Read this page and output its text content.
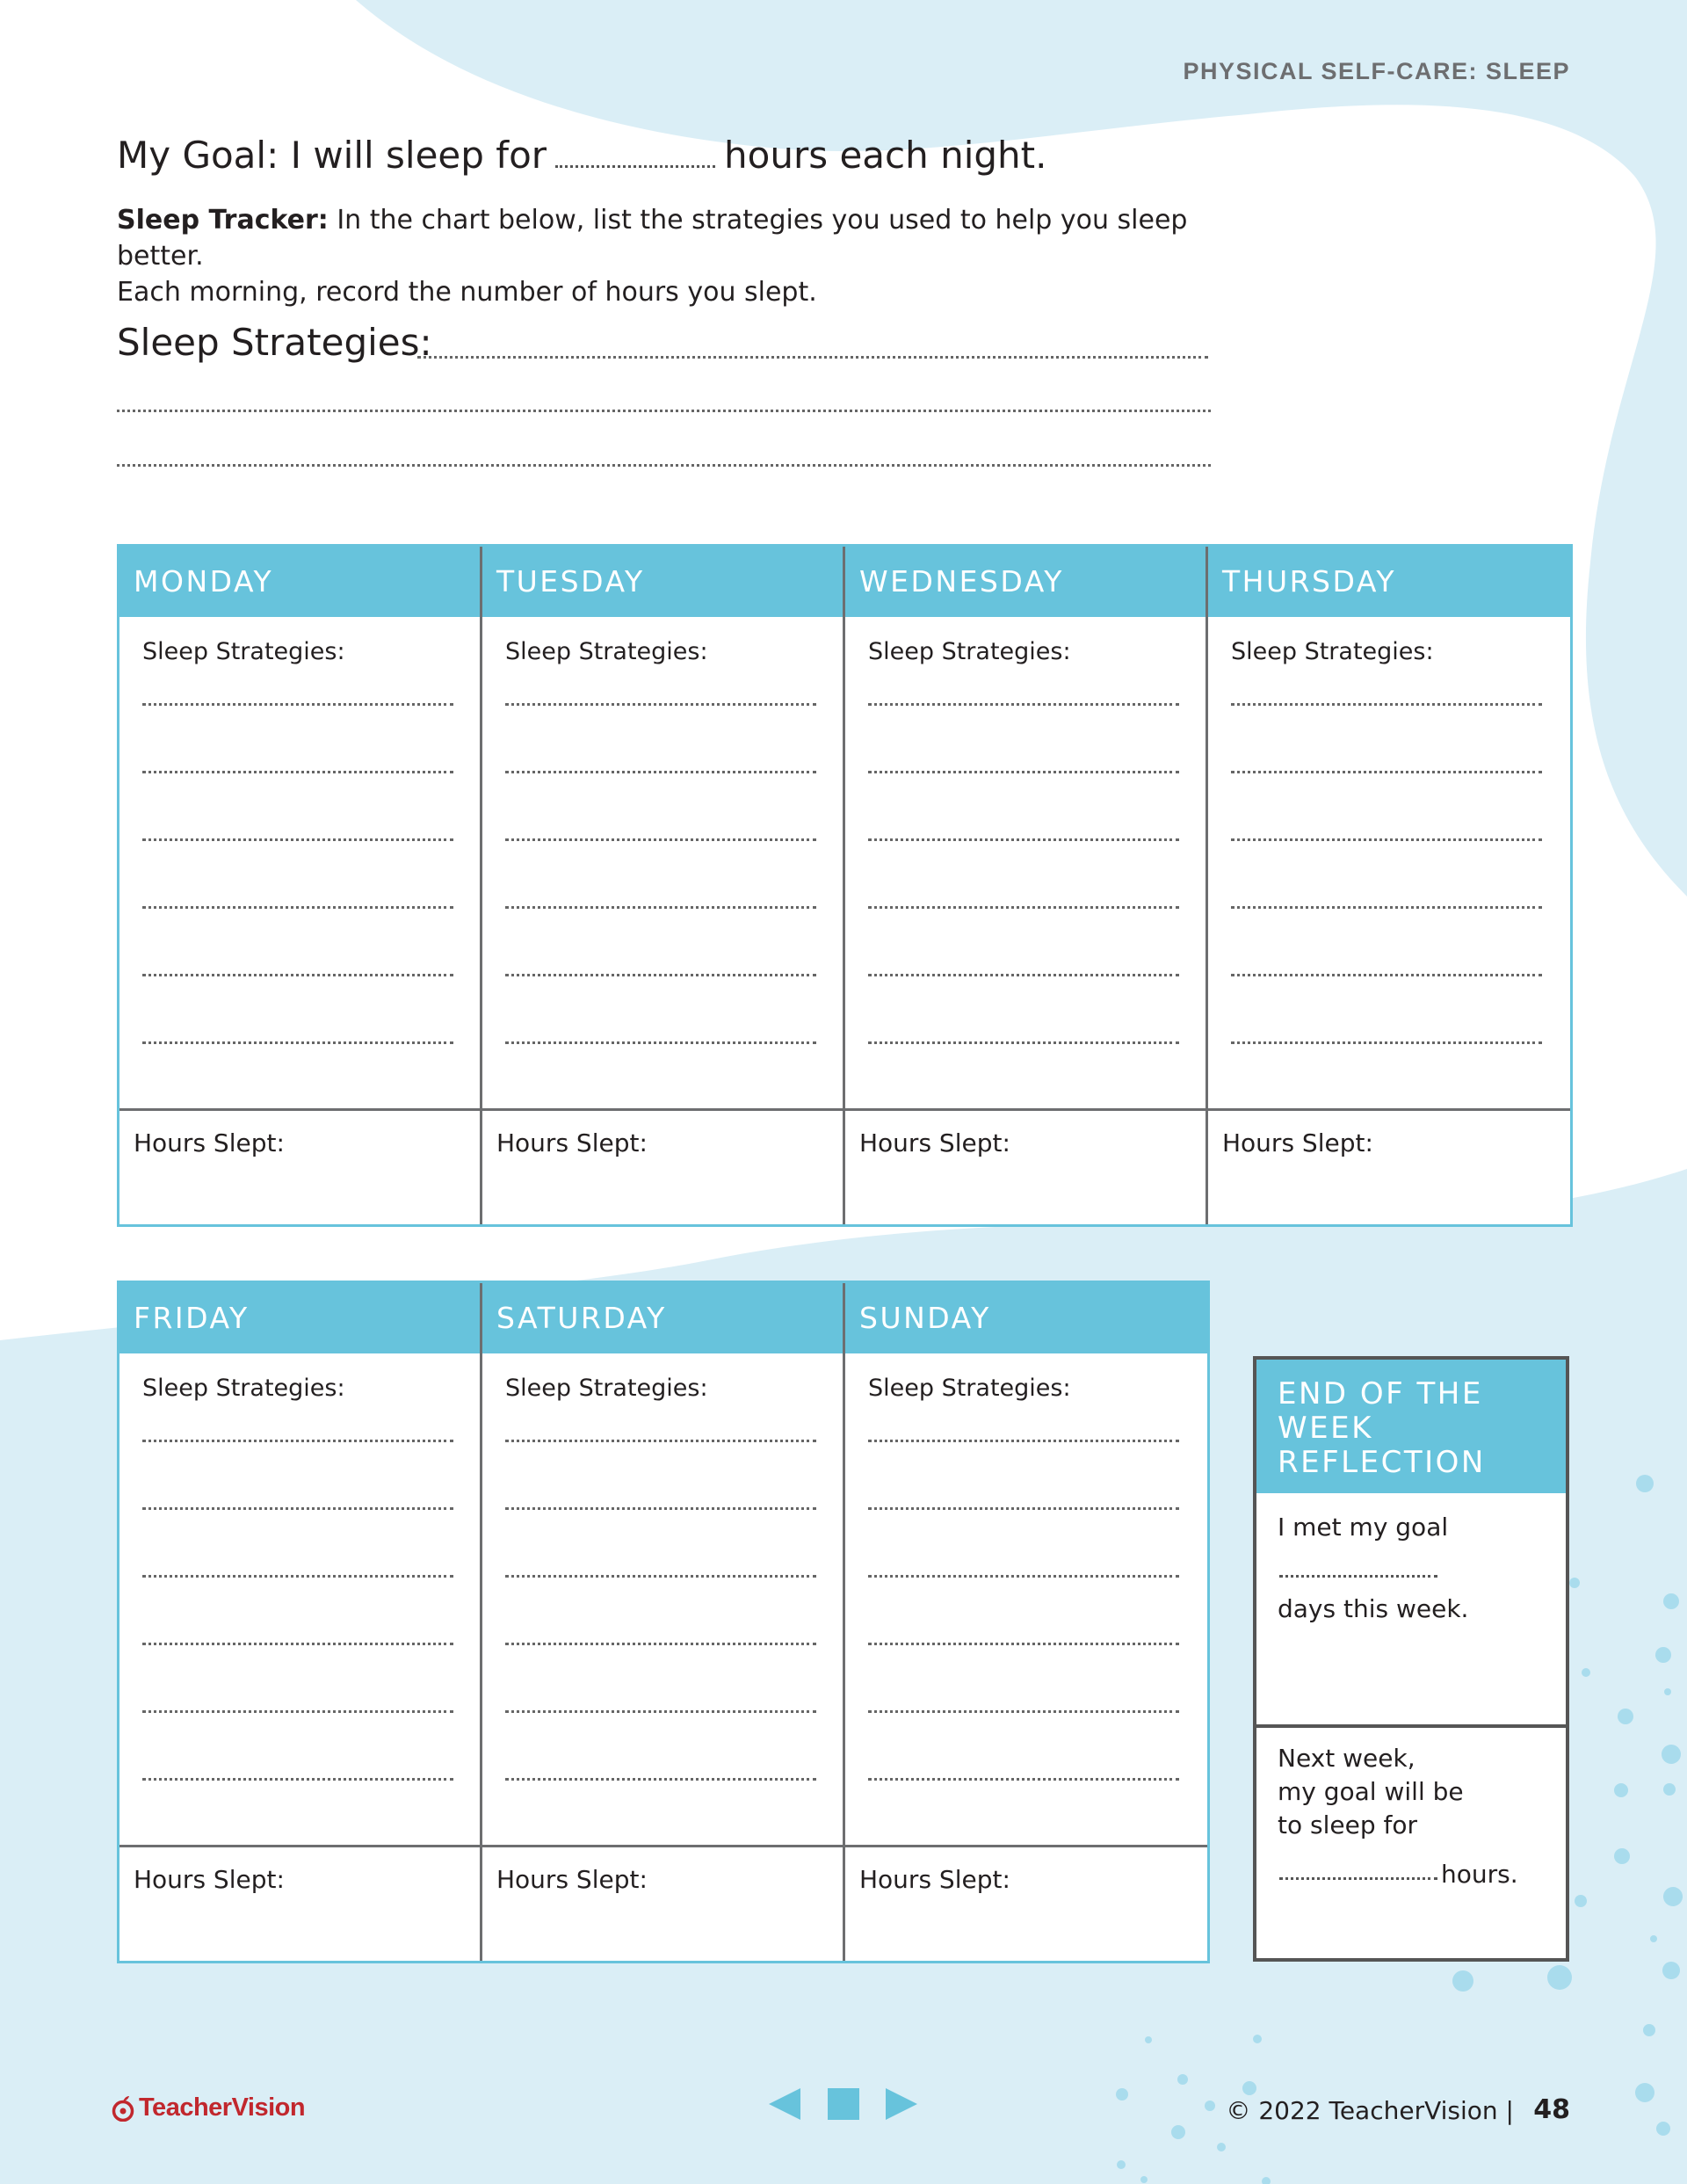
PHYSICAL SELF-CARE: SLEEP
My Goal: I will sleep for	hours each night.
Sleep Tracker: In the chart below, list the strategies you used to help you sleep better.
Each morning, record the number of hours you slept.
Sleep Strategies:
MONDAY
Sleep Strategies:
Hours Slept:
TUESDAY
Sleep Strategies:
Hours Slept:
WEDNESDAY
Sleep Strategies:
Hours Slept:
THURSDAY
Sleep Strategies:
Hours Slept:
FRIDAY
Sleep Strategies:
Hours Slept:
SATURDAY
Sleep Strategies:
Hours Slept:
SUNDAY
Sleep Strategies:
Hours Slept:
END OF THE
WEEK
REFLECTION
I met my goal
days this week.
Next week,
my goal will be
to sleep for
hours.
TeacherVision	© 2022 TeacherVision | 48
